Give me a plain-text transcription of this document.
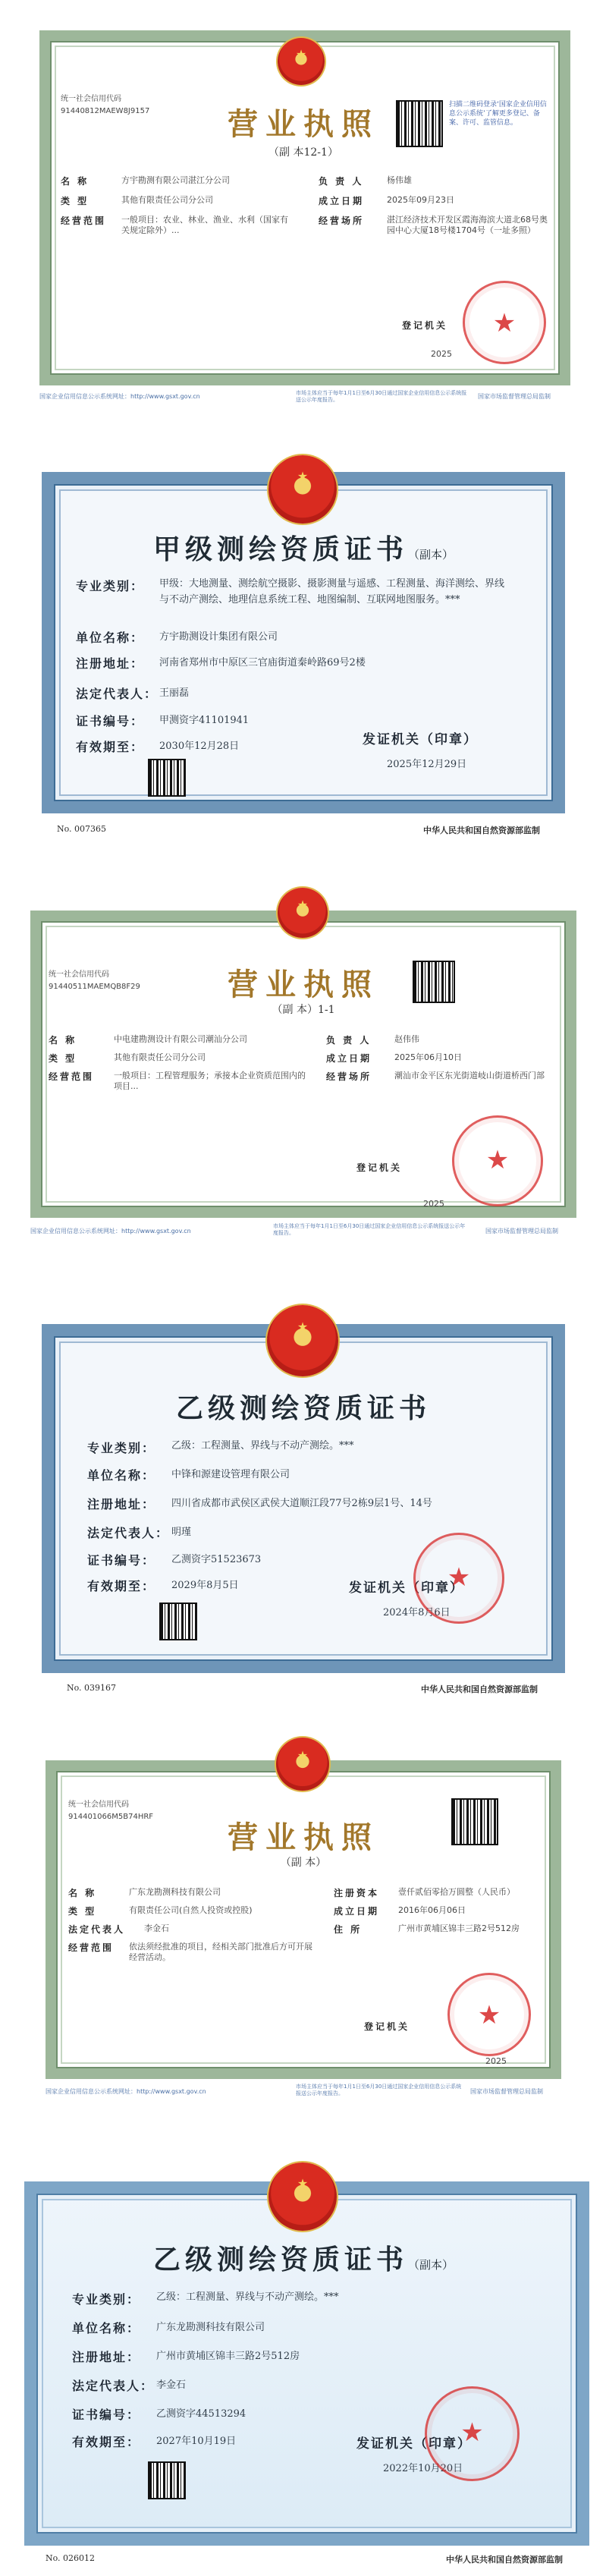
★
统一社会信用代码
91440812MAEW8J9157	营业执照
（副 本12-1）
扫描二维码登录‘国家企业信用信息公示系统’了解更多登记、备案、许可、监管信息。
名 称	方宇勘测有限公司湛江分公司
类 型	其他有限责任公司分公司
经营范围 一般项目：农业、林业、渔业、水利（国家有关规定除外）...
负 责 人	杨伟雄
成立日期	2025年09月23日
经营场所	湛江经济技术开发区霞海海滨大道北68号奥园中心大厦18号楼1704号（一址多照）
登记机关
2025
★
国家企业信用信息公示系统网址：http://www.gsxt.gov.cn	市场主体应当于每年1月1日至6月30日通过国家企业信用信息公示系统报送公示年度报告。	国家市场监督管理总局监制
★
甲级测绘资质证书（副本）
专业类别： 甲级：大地测量、测绘航空摄影、摄影测量与遥感、工程测量、海洋测绘、界线与不动产测绘、地理信息系统工程、地图编制、互联网地图服务。***
单位名称： 方宇勘测设计集团有限公司
注册地址： 河南省郑州市中原区三官庙街道秦岭路69号2楼
法定代表人： 王丽磊
证书编号： 甲测资字41101941
有效期至： 2030年12月28日	发证机关（印章）
2025年12月29日
No. 007365	中华人民共和国自然资源部监制
★
统一社会信用代码
91440511MAEMQB8F29	营业执照
（副 本）1-1
名 称	中电建勘测设计有限公司潮汕分公司
类 型	其他有限责任公司分公司
经营范围 一般项目：工程管理服务；承接本企业资质范围内的项目...
负 责 人	赵伟伟
成立日期	2025年06月10日
经营场所	潮汕市金平区东光街道岐山街道桥西门部
登记机关
2025
★
国家企业信用信息公示系统网址：http://www.gsxt.gov.cn
市场主体应当于每年1月1日至6月30日通过国家企业信用信息公示系统报送公示年度报告。	国家市场监督管理总局监制
★
乙级测绘资质证书
专业类别： 乙级：工程测量、界线与不动产测绘。***
单位名称： 中锋和源建设管理有限公司
注册地址： 四川省成都市武侯区武侯大道顺江段77号2栋9层1号、14号
法定代表人： 明瑾
证书编号： 乙测资字51523673
有效期至： 2029年8月5日	发证机关（印章）
2024年8月6日
★
No. 039167	中华人民共和国自然资源部监制
★
统一社会信用代码
914401066M5B74HRF
营业执照
（副 本）
名 称	广东龙勘测科技有限公司
类 型	有限责任公司(自然人投资或控股)
法定代表人 李金石
经营范围 依法须经批准的项目，经相关部门批准后方可开展经营活动。
注册资本 壹仟贰佰零拾万圆整（人民币）
成立日期 2016年06月06日
住 所	广州市黄埔区锦丰三路2号512房
登记机关
2025
★
国家企业信用信息公示系统网址：http://www.gsxt.gov.cn
市场主体应当于每年1月1日至6月30日通过国家企业信用信息公示系统报送公示年度报告。	国家市场监督管理总局监制
★
乙级测绘资质证书（副本）
专业类别： 乙级：工程测量、界线与不动产测绘。***
单位名称： 广东龙勘测科技有限公司
注册地址： 广州市黄埔区锦丰三路2号512房
法定代表人： 李金石
证书编号： 乙测资字44513294
有效期至： 2027年10月19日	发证机关（印章）
2022年10月20日
★
No. 026012	中华人民共和国自然资源部监制
